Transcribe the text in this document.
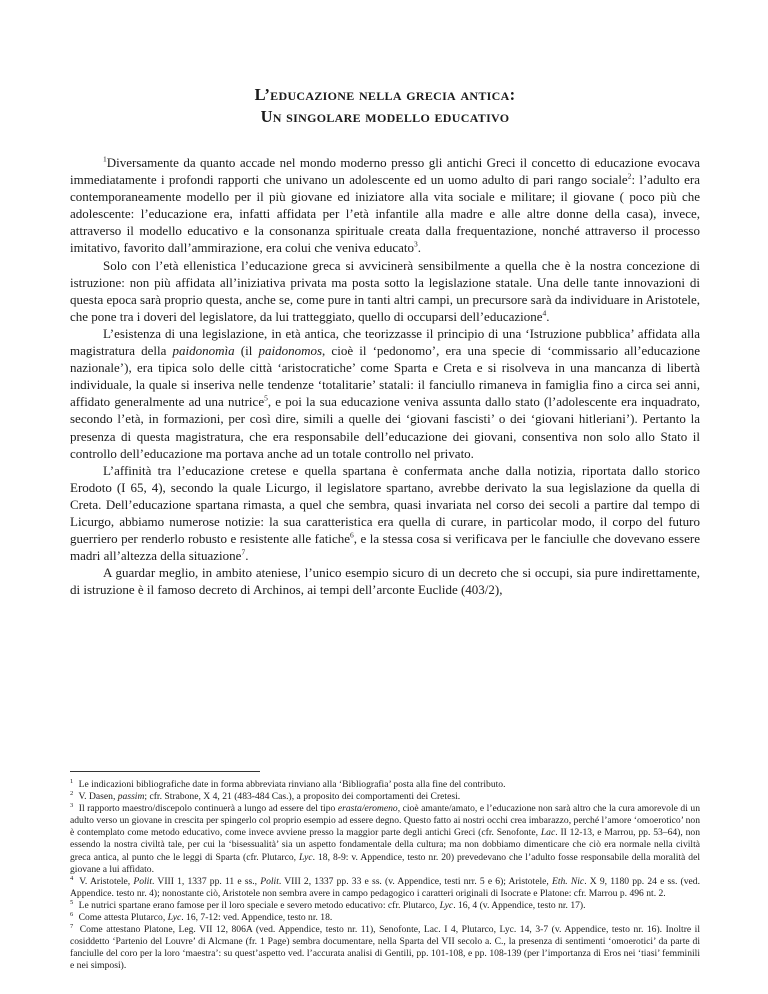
L’educazione nella grecia antica:
Un singolare modello educativo

$^1$Diversamente da quanto accade nel mondo moderno presso gli antichi Greci il concetto di educazione evocava immediatamente i profondi rapporti che univano un adolescente ed un uomo adulto di pari rango sociale$^2$: l’adulto era contemporaneamente modello per il più giovane ed iniziatore alla vita sociale e militare; il giovane ( poco più che adolescente: l’educazione era, infatti affidata per l’età infantile alla madre e alle altre donne della casa), invece, attraverso il modello educativo e la consonanza spirituale creata dalla frequentazione, nonché attraverso il processo imitativo, favorito dall’ammirazione, era colui che veniva educato$^3$.

Solo con l’età ellenistica l’educazione greca si avvicinerà sensibilmente a quella che è la nostra concezione di istruzione: non più affidata all’iniziativa privata ma posta sotto la legislazione statale. Una delle tante innovazioni di questa epoca sarà proprio questa, anche se, come pure in tanti altri campi, un precursore sarà da individuare in Aristotele, che pone tra i doveri del legislatore, da lui tratteggiato, quello di occuparsi dell’educazione$^4$.

L’esistenza di una legislazione, in età antica, che teorizzasse il principio di una ‘Istruzione pubblica’ affidata alla magistratura della paidonomìa (il paidonomos, cioè il ‘pedonomo’, era una specie di ‘commissario all’educazione nazionale’), era tipica solo delle città ‘aristocratiche’ come Sparta e Creta e si risolveva in una mancanza di libertà individuale, la quale si inseriva nelle tendenze ‘totalitarie’ statali: il fanciullo rimaneva in famiglia fino a circa sei anni, affidato generalmente ad una nutrice$^5$, e poi la sua educazione veniva assunta dallo stato (l’adolescente era inquadrato, secondo l’età, in formazioni, per così dire, simili a quelle dei ‘giovani fascisti’ o dei ‘giovani hitleriani’). Pertanto la presenza di questa magistratura, che era responsabile dell’educazione dei giovani, consentiva non solo allo Stato il controllo dell’educazione ma portava anche ad un totale controllo nel privato.

L’affinità tra l’educazione cretese e quella spartana è confermata anche dalla notizia, riportata dallo storico Erodoto (I 65, 4), secondo la quale Licurgo, il legislatore spartano, avrebbe derivato la sua legislazione da quella di Creta. Dell’educazione spartana rimasta, a quel che sembra, quasi invariata nel corso dei secoli a partire dal tempo di Licurgo, abbiamo numerose notizie: la sua caratteristica era quella di curare, in particolar modo, il corpo del futuro guerriero per renderlo robusto e resistente alle fatiche$^6$, e la stessa cosa si verificava per le fanciulle che dovevano essere madri all’altezza della situazione$^7$.

A guardar meglio, in ambito ateniese, l’unico esempio sicuro di un decreto che si occupi, sia pure indirettamente, di istruzione è il famoso decreto di Archinos, ai tempi dell’arconte Euclide (403/2),

$^1$ Le indicazioni bibliografiche date in forma abbreviata rinviano alla ‘Bibliografia’ posta alla fine del contributo.

$^2$ V. Dasen, passim; cfr. Strabone, X 4, 21 (483-484 Cas.), a proposito dei comportamenti dei Cretesi.

$^3$ Il rapporto maestro/discepolo continuerà a lungo ad essere del tipo erasta/eromeno, cioè amante/amato, e l’educazione non sarà altro che la cura amorevole di un adulto verso un giovane in crescita per spingerlo col proprio esempio ad essere degno. Questo fatto ai nostri occhi crea imbarazzo, perché l’amore ‘omoerotico’ non è contemplato come metodo educativo, come invece avviene presso la maggior parte degli antichi Greci (cfr. Senofonte, Lac. II 12-13, e Marrou, pp. 53–64), non essendo la nostra civiltà tale, per cui la ‘bisessualità’ sia un aspetto fondamentale della cultura; ma non dobbiamo dimenticare che ciò era normale nella civiltà greca antica, al punto che le leggi di Sparta (cfr. Plutarco, Lyc. 18, 8-9: v. Appendice, testo nr. 20) prevedevano che l’adulto fosse responsabile della moralità del giovane a lui affidato.

$^4$ V. Aristotele, Polit. VIII 1, 1337 pp. 11 e ss., Polit. VIII 2, 1337 pp. 33 e ss. (v. Appendice, testi nrr. 5 e 6); Aristotele, Eth. Nic. X 9, 1180 pp. 24 e ss. (ved. Appendice. testo nr. 4); nonostante ciò, Aristotele non sembra avere in campo pedagogico i caratteri originali di Isocrate e Platone: cfr. Marrou p. 496 nt. 2.

$^5$ Le nutrici spartane erano famose per il loro speciale e severo metodo educativo: cfr. Plutarco, Lyc. 16, 4 (v. Appendice, testo nr. 17).

$^6$ Come attesta Plutarco, Lyc. 16, 7-12: ved. Appendice, testo nr. 18.

$^7$ Come attestano Platone, Leg. VII 12, 806A (ved. Appendice, testo nr. 11), Senofonte, Lac. I 4, Plutarco, Lyc. 14, 3-7 (v. Appendice, testo nr. 16). Inoltre il cosiddetto ‘Partenio del Louvre’ di Alcmane (fr. 1 Page) sembra documentare, nella Sparta del VII secolo a. C., la presenza di sentimenti ‘omoerotici’ da parte di fanciulle del coro per la loro ‘maestra’: su quest’aspetto ved. l’accurata analisi di Gentili, pp. 101-108, e pp. 108-139 (per l’importanza di Eros nei ‘tiasi’ femminili e nei simposi).
